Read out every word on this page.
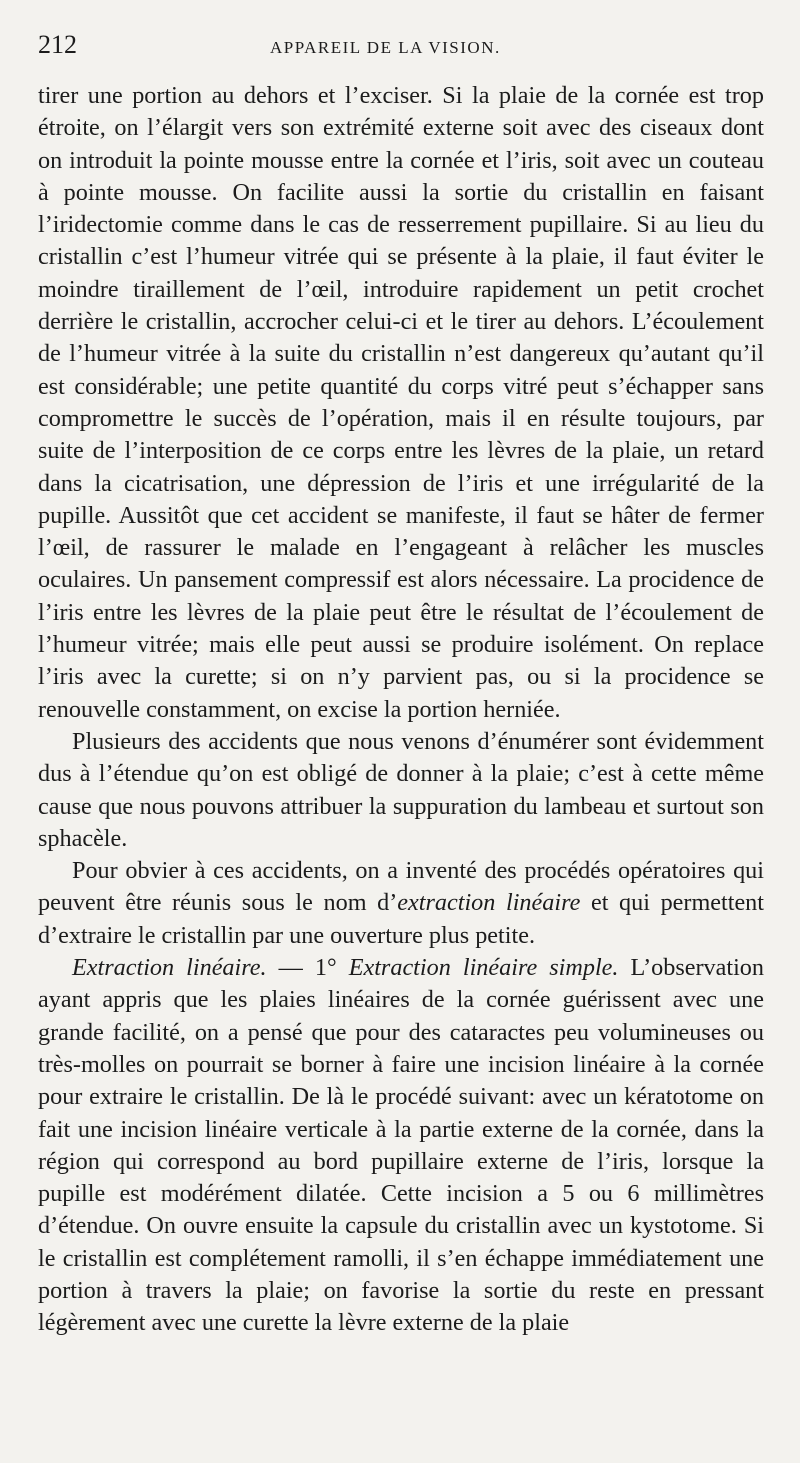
212	APPAREIL DE LA VISION.

tirer une portion au dehors et l’exciser. Si la plaie de la cornée est trop étroite, on l’élargit vers son extrémité externe soit avec des ciseaux dont on introduit la pointe mousse entre la cornée et l’iris, soit avec un couteau à pointe mousse. On facilite aussi la sortie du cristallin en faisant l’iridectomie comme dans le cas de resserrement pupillaire. Si au lieu du cristallin c’est l’humeur vitrée qui se présente à la plaie, il faut éviter le moindre tiraillement de l’œil, introduire rapidement un petit crochet derrière le cristallin, accrocher celui-ci et le tirer au dehors. L’écoulement de l’humeur vitrée à la suite du cristallin n’est dangereux qu’autant qu’il est considérable; une petite quantité du corps vitré peut s’échapper sans compromettre le succès de l’opération, mais il en résulte toujours, par suite de l’interposition de ce corps entre les lèvres de la plaie, un retard dans la cicatrisation, une dépression de l’iris et une irrégularité de la pupille. Aussitôt que cet accident se manifeste, il faut se hâter de fermer l’œil, de rassurer le malade en l’engageant à relâcher les muscles oculaires. Un pansement compressif est alors nécessaire. La procidence de l’iris entre les lèvres de la plaie peut être le résultat de l’écoulement de l’humeur vitrée; mais elle peut aussi se produire isolément. On replace l’iris avec la curette; si on n’y parvient pas, ou si la procidence se renouvelle constamment, on excise la portion herniée.

Plusieurs des accidents que nous venons d’énumérer sont évidemment dus à l’étendue qu’on est obligé de donner à la plaie; c’est à cette même cause que nous pouvons attribuer la suppuration du lambeau et surtout son sphacèle.

Pour obvier à ces accidents, on a inventé des procédés opératoires qui peuvent être réunis sous le nom d’extraction linéaire et qui permettent d’extraire le cristallin par une ouverture plus petite.

Extraction linéaire. — 1° Extraction linéaire simple. L’observation ayant appris que les plaies linéaires de la cornée guérissent avec une grande facilité, on a pensé que pour des cataractes peu volumineuses ou très-molles on pourrait se borner à faire une incision linéaire à la cornée pour extraire le cristallin. De là le procédé suivant: avec un kératotome on fait une incision linéaire verticale à la partie externe de la cornée, dans la région qui correspond au bord pupillaire externe de l’iris, lorsque la pupille est modérément dilatée. Cette incision a 5 ou 6 millimètres d’étendue. On ouvre ensuite la capsule du cristallin avec un kystotome. Si le cristallin est complétement ramolli, il s’en échappe immédiatement une portion à travers la plaie; on favorise la sortie du reste en pressant légèrement avec une curette la lèvre externe de la plaie
